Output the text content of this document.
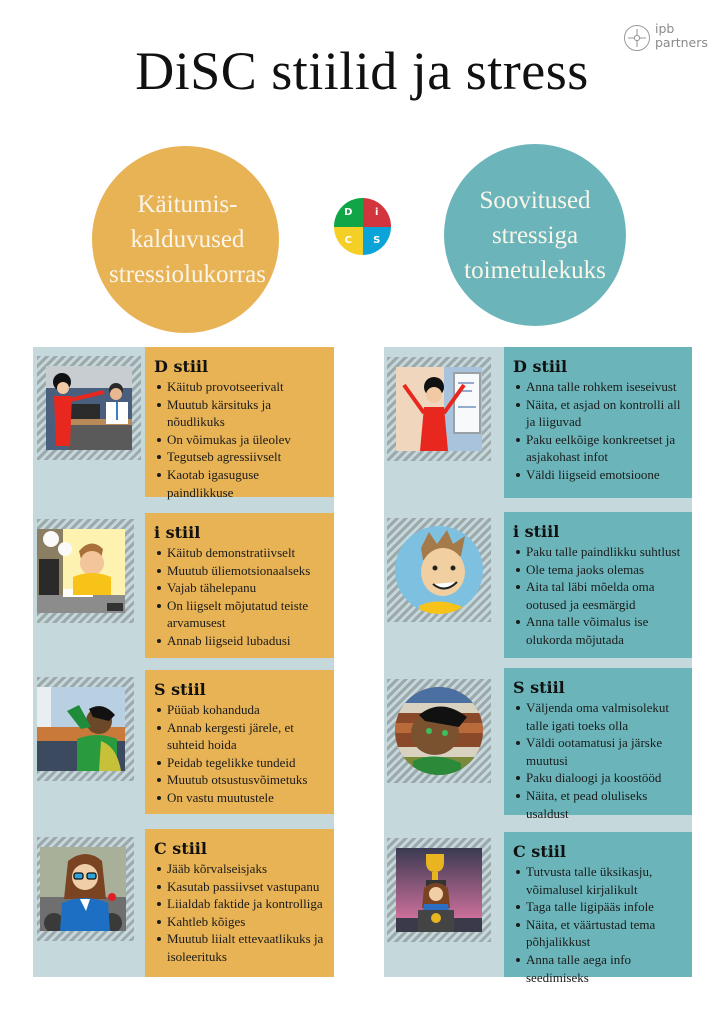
DiSC stiilid ja stress
ipb
partners
Käitumis-
kalduvused
stressiolukorras
D	i
C	S
Soovitused
stressiga
toimetulekuks
D stiil
Käitub provotseerivalt
Muutub kärsituks ja nõudlikuks
On võimukas ja üleolev
Tegutseb agressiivselt
Kaotab igasuguse paindlikkuse
i stiil
Käitub demonstratiivselt
Muutub üliemotsionaalseks
Vajab tähelepanu
On liigselt mõjutatud teiste arvamusest
Annab liigseid lubadusi
S stiil
Püüab kohanduda
Annab kergesti järele, et suhteid hoida
Peidab tegelikke tundeid
Muutub otsustusvõimetuks
On vastu muutustele
C stiil
Jääb kõrvalseisjaks
Kasutab passiivset vastupanu
Liialdab faktide ja kontrolliga
Kahtleb kõiges
Muutub liialt ettevaatlikuks ja isoleerituks
D stiil
Anna talle rohkem iseseivust
Näita, et asjad on kontrolli all ja liiguvad
Paku eelkõige konkreetset ja asjakohast infot
Väldi liigseid emotsioone
i stiil
Paku talle paindlikku suhtlust
Ole tema jaoks olemas
Aita tal läbi mõelda oma ootused ja eesmärgid
Anna talle võimalus ise olukorda mõjutada
S stiil
Väljenda oma valmisolekut talle igati toeks olla
Väldi ootamatusi ja järske muutusi
Paku dialoogi ja koostööd
Näita, et pead oluliseks usaldust
C stiil
Tutvusta talle üksikasju, võimalusel kirjalikult
Taga talle ligipääs infole
Näita, et väärtustad tema põhjalikkust
Anna talle aega info seedimiseks
